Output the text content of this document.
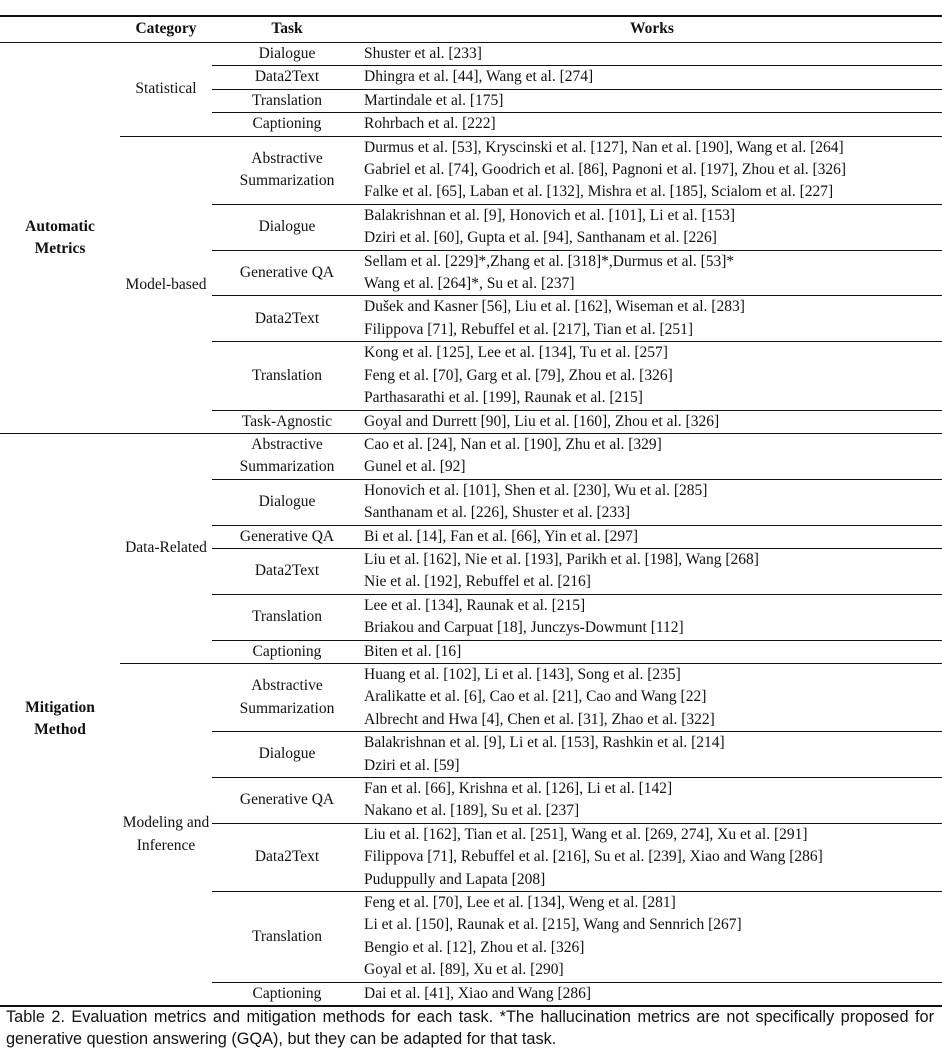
	Category	Task	Works
Automatic Metrics	Statistical	Dialogue	Shuster et al. [233]

		Data2Text	Dhingra et al. [44], Wang et al. [274]

		Translation	Martindale et al. [175]

		Captioning	Rohrbach et al. [222]

	Model-based	Abstractive Summarization	Durmus et al. [53], Kryscinski et al. [127], Nan et al. [190], Wang et al. [264]
Gabriel et al. [74], Goodrich et al. [86], Pagnoni et al. [197], Zhou et al. [326]
Falke et al. [65], Laban et al. [132], Mishra et al. [185], Scialom et al. [227]

		Dialogue	Balakrishnan et al. [9], Honovich et al. [101], Li et al. [153]
Dziri et al. [60], Gupta et al. [94], Santhanam et al. [226]

		Generative QA	Sellam et al. [229]*,Zhang et al. [318]*,Durmus et al. [53]*
Wang et al. [264]*, Su et al. [237]

		Data2Text	Dušek and Kasner [56], Liu et al. [162], Wiseman et al. [283]
Filippova [71], Rebuffel et al. [217], Tian et al. [251]

		Translation	Kong et al. [125], Lee et al. [134], Tu et al. [257]
Feng et al. [70], Garg et al. [79], Zhou et al. [326]
Parthasarathi et al. [199], Raunak et al. [215]

		Task-Agnostic	Goyal and Durrett [90], Liu et al. [160], Zhou et al. [326]

Mitigation Method	Data-Related	Abstractive Summarization	Cao et al. [24], Nan et al. [190], Zhu et al. [329]
Gunel et al. [92]

		Dialogue	Honovich et al. [101], Shen et al. [230], Wu et al. [285]
Santhanam et al. [226], Shuster et al. [233]

		Generative QA	Bi et al. [14], Fan et al. [66], Yin et al. [297]

		Data2Text	Liu et al. [162], Nie et al. [193], Parikh et al. [198], Wang [268]
Nie et al. [192], Rebuffel et al. [216]

		Translation	Lee et al. [134], Raunak et al. [215]
Briakou and Carpuat [18], Junczys-Dowmunt [112]

		Captioning	Biten et al. [16]

	Modeling and Inference	Abstractive Summarization	Huang et al. [102], Li et al. [143], Song et al. [235]
Aralikatte et al. [6], Cao et al. [21], Cao and Wang [22]
Albrecht and Hwa [4], Chen et al. [31], Zhao et al. [322]

		Dialogue	Balakrishnan et al. [9], Li et al. [153], Rashkin et al. [214]
Dziri et al. [59]

		Generative QA	Fan et al. [66], Krishna et al. [126], Li et al. [142]
Nakano et al. [189], Su et al. [237]

		Data2Text	Liu et al. [162], Tian et al. [251], Wang et al. [269, 274], Xu et al. [291]
Filippova [71], Rebuffel et al. [216], Su et al. [239], Xiao and Wang [286]
Puduppully and Lapata [208]

		Translation	Feng et al. [70], Lee et al. [134], Weng et al. [281]
Li et al. [150], Raunak et al. [215], Wang and Sennrich [267]
Bengio et al. [12], Zhou et al. [326]
Goyal et al. [89], Xu et al. [290]

		Captioning	Dai et al. [41], Xiao and Wang [286]
Table 2. Evaluation metrics and mitigation methods for each task. *The hallucination metrics are not specifically proposed for generative question answering (GQA), but they can be adapted for that task.
